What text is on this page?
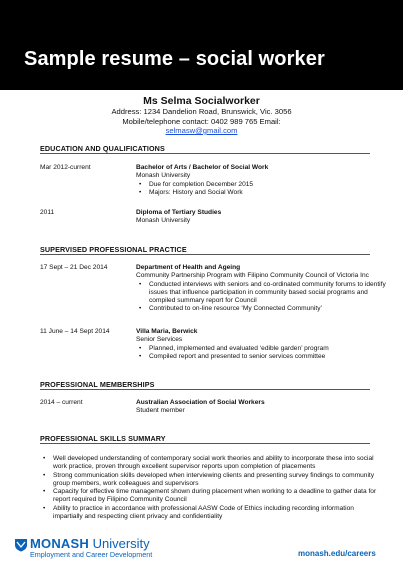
Sample resume – social worker
Ms Selma Socialworker
Address: 1234 Dandelion Road, Brunswick, Vic. 3056
Mobile/telephone contact: 0402 989 765 Email:
selmasw@gmail.com
EDUCATION AND QUALIFICATIONS
Mar 2012-current	Bachelor of Arts / Bachelor of Social Work
Monash University
• Due for completion December 2015
• Majors: History and Social Work
2011	Diploma of Tertiary Studies
Monash University
SUPERVISED PROFESSIONAL PRACTICE
17 Sept – 21 Dec 2014	Department of Health and Ageing
Community Partnership Program with Filipino Community Council of Victoria Inc
• Conducted interviews with seniors and co-ordinated community forums to identify issues that influence participation in community based social programs and compiled summary report for Council
• Contributed to on-line resource ‘My Connected Community’
11 June – 14 Sept 2014	Villa Maria, Berwick
Senior Services
• Planned, implemented and evaluated ‘edible garden’ program
• Compiled report and presented to senior services committee
PROFESSIONAL MEMBERSHIPS
2014 – current	Australian Association of Social Workers
Student member
PROFESSIONAL SKILLS SUMMARY
• Well developed understanding of contemporary social work theories and ability to incorporate these into social work practice, proven through excellent supervisor reports upon completion of placements
• Strong communication skills developed when interviewing clients and presenting survey findings to community group members, work colleagues and supervisors
• Capacity for effective time management shown during placement when working to a deadline to gather data for report required by Filipino Community Council
• Ability to practice in accordance with professional AASW Code of Ethics including recording information impartially and respecting client privacy and confidentiality
MONASH University
Employment and Career Development	monash.edu/careers
